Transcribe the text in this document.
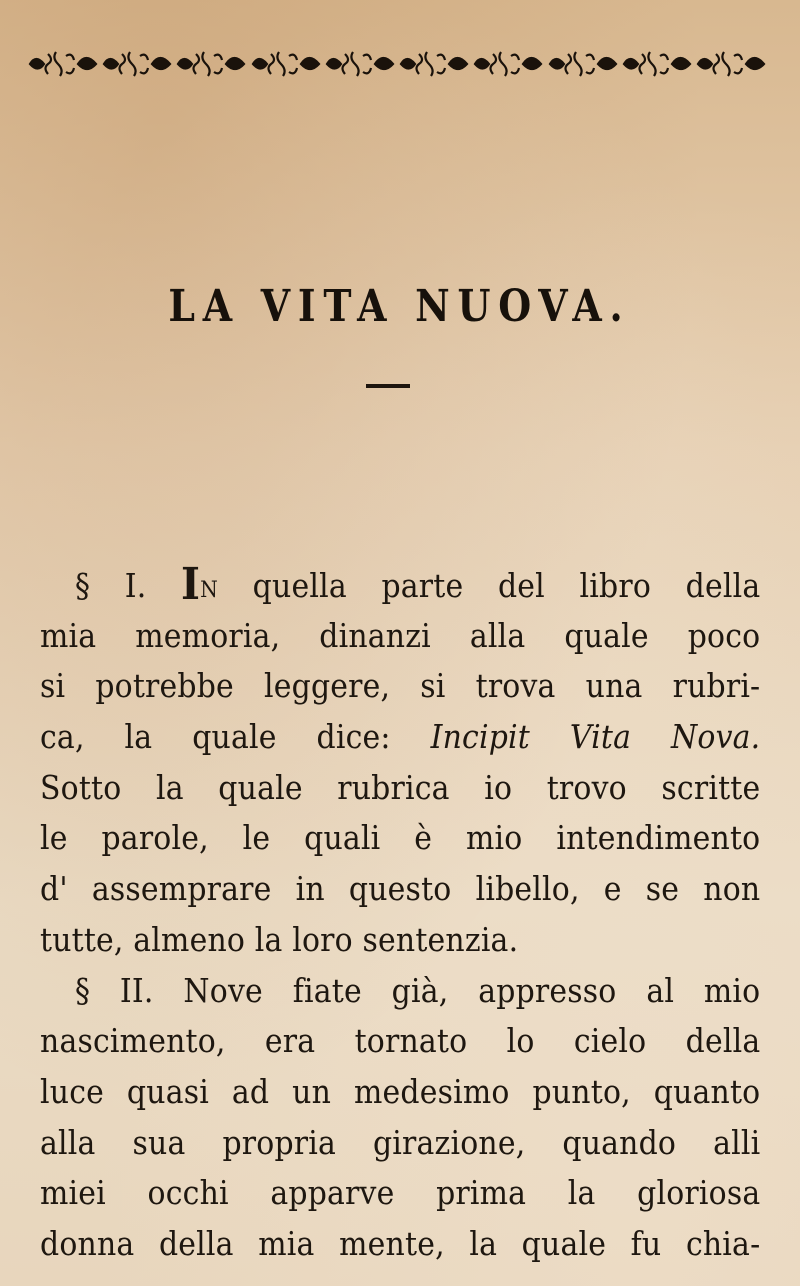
LA VITA NUOVA.
§ I. IN quella parte del libro della
mia memoria, dinanzi alla quale poco
si potrebbe leggere, si trova una rubri-
ca, la quale dice: Incipit Vita Nova.
Sotto la quale rubrica io trovo scritte
le parole, le quali è mio intendimento
d' assemprare in questo libello, e se non
tutte, almeno la loro sentenzia.
§ II. Nove fiate già, appresso al mio
nascimento, era tornato lo cielo della
luce quasi ad un medesimo punto, quanto
alla sua propria girazione, quando alli
miei occhi apparve prima la gloriosa
donna della mia mente, la quale fu chia-
